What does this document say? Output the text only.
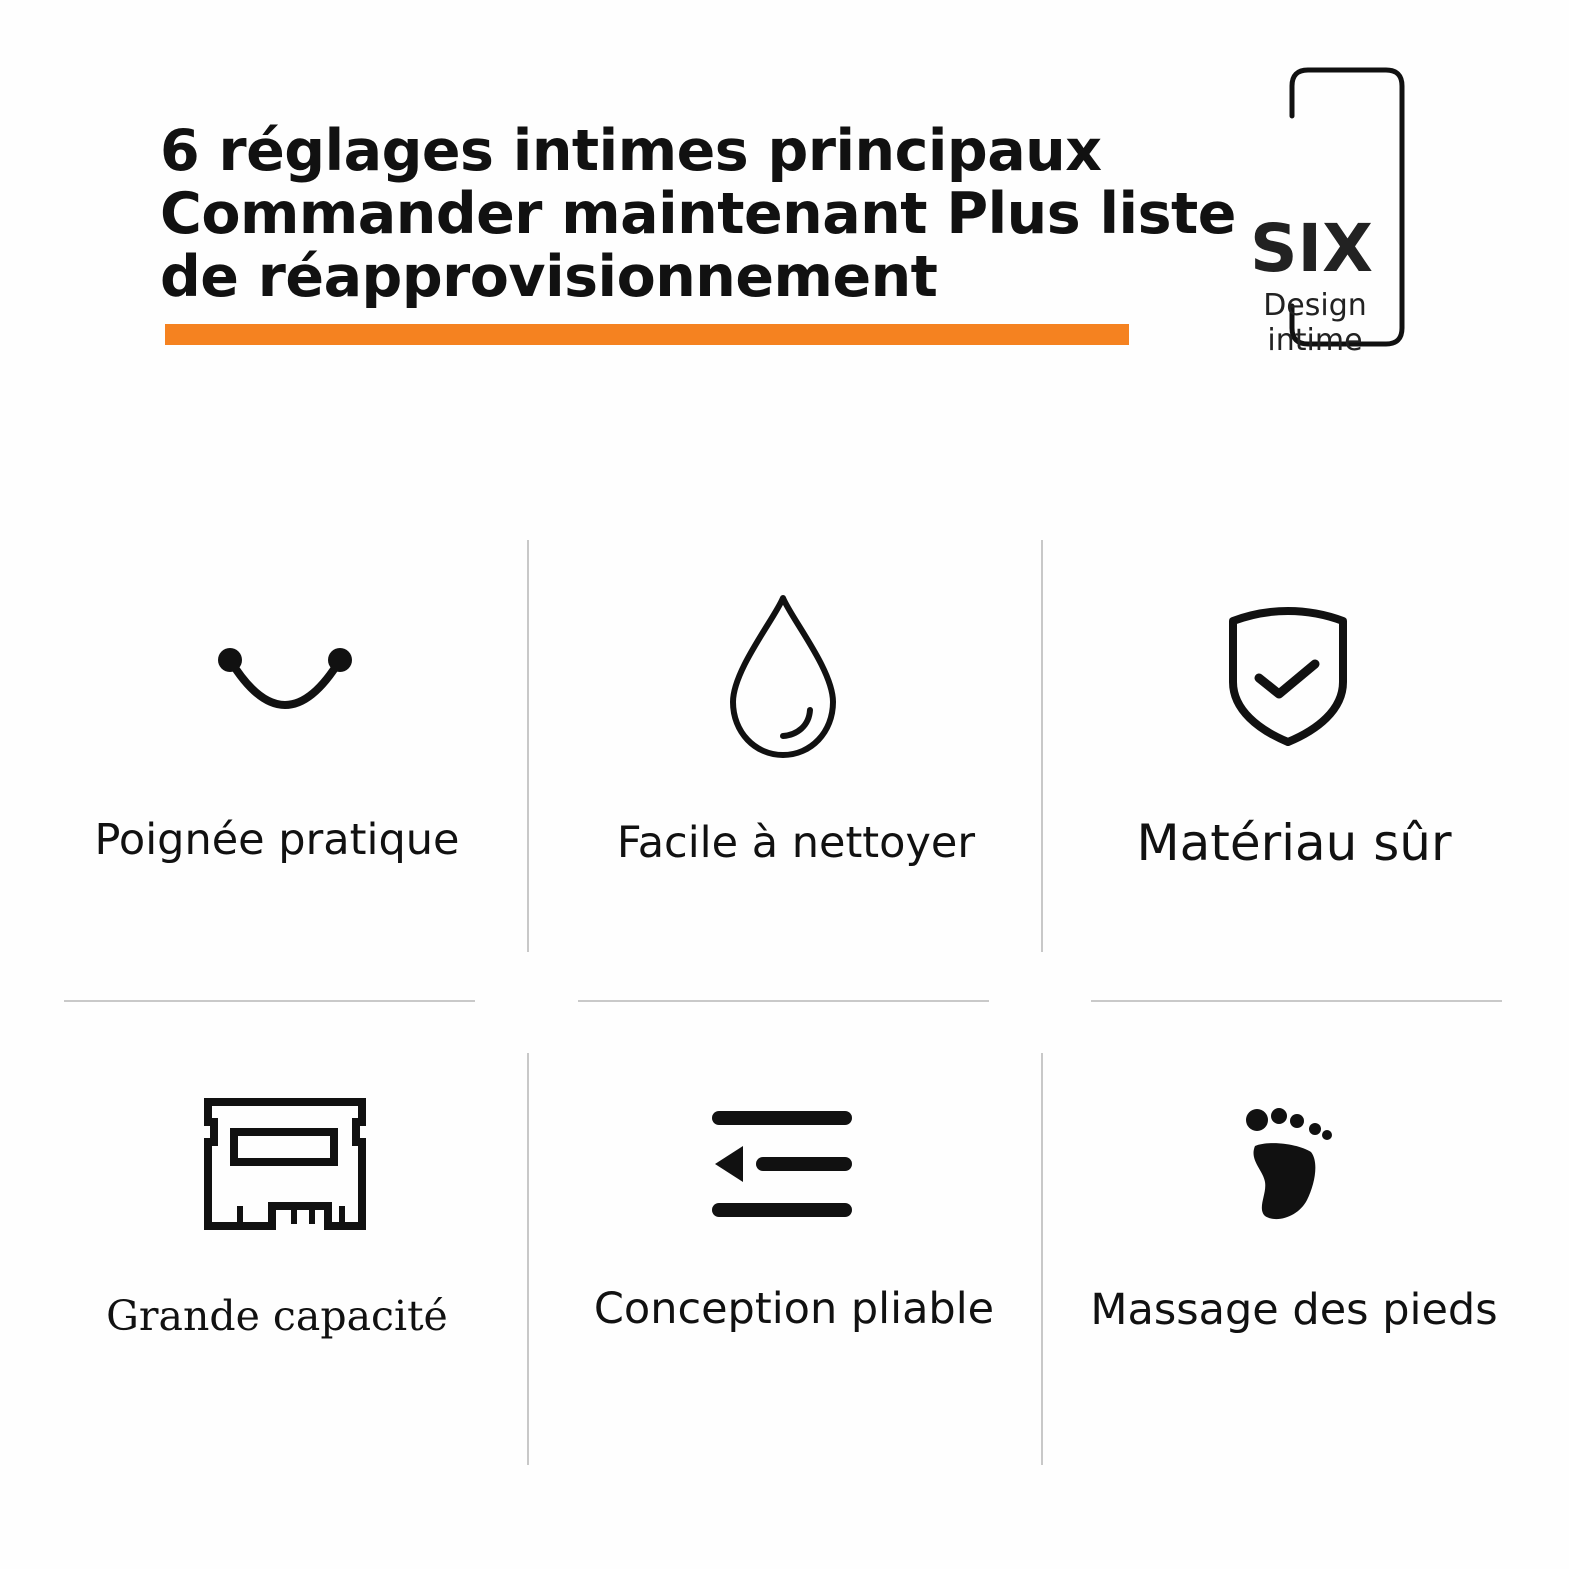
6 réglages intimes principaux
Commander maintenant Plus liste
de réapprovisionnement	SIX
Design
intime
Poignée pratique	Facile à nettoyer	Matériau sûr
Grande capacité	Conception pliable	Massage des pieds
